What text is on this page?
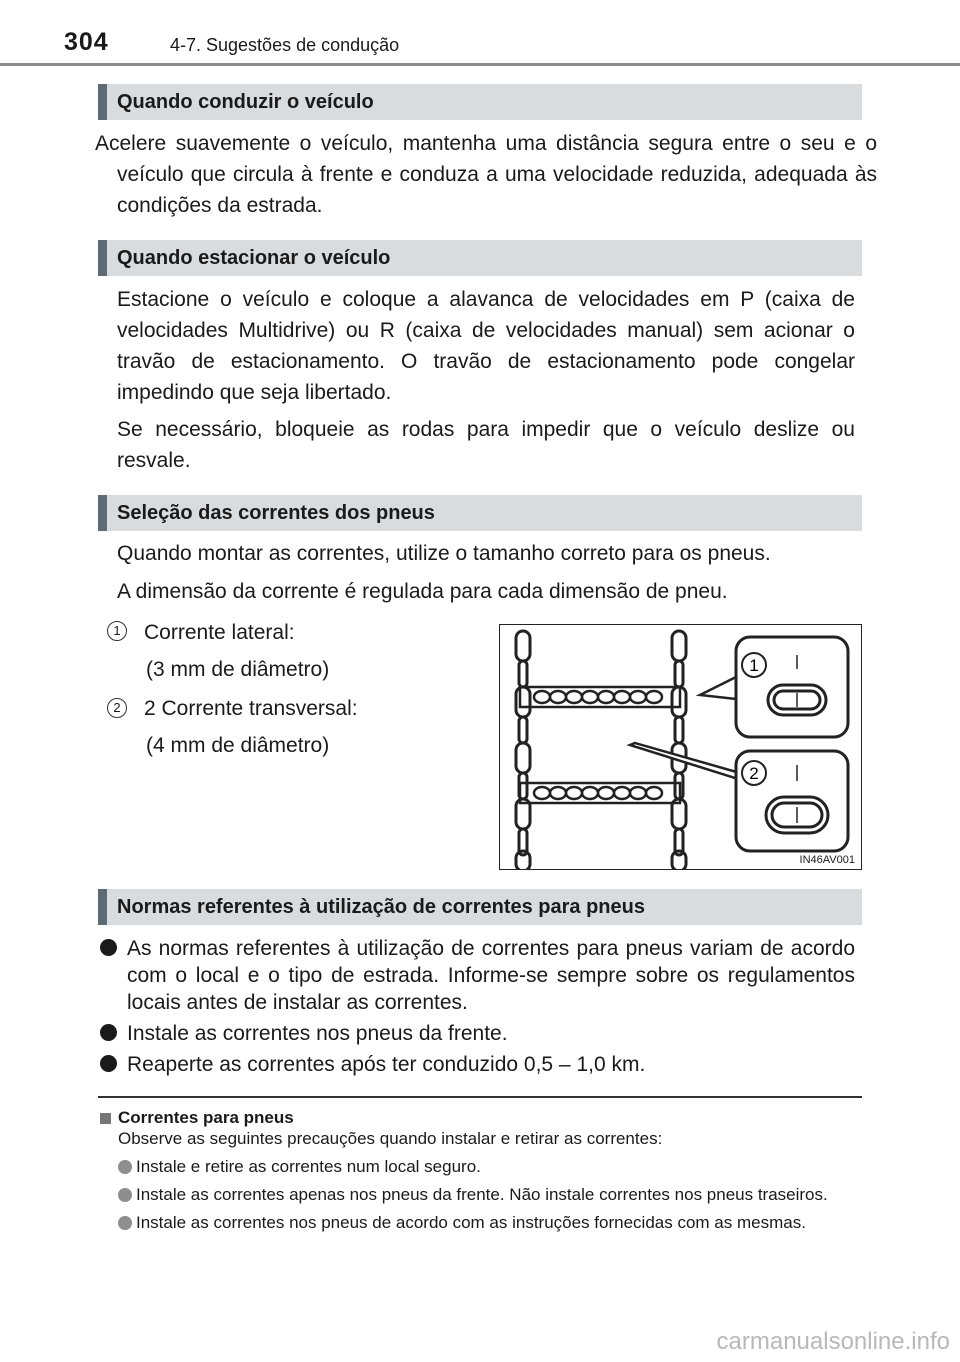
304	4-7. Sugestões de condução
Quando conduzir o veículo

Acelere suavemente o veículo, mantenha uma distância segura entre o seu e o veículo que circula à frente e conduza a uma velocidade reduzida, adequada às condições da estrada.

Quando estacionar o veículo

Estacione o veículo e coloque a alavanca de velocidades em P (caixa de velocidades Multidrive) ou R (caixa de velocidades manual) sem acionar o travão de estacionamento. O travão de estacionamento pode congelar impedindo que seja libertado.

Se necessário, bloqueie as rodas para impedir que o veículo deslize ou resvale.

Seleção das correntes dos pneus

Quando montar as correntes, utilize o tamanho correto para os pneus.

A dimensão da corrente é regulada para cada dimensão de pneu.

1	Corrente lateral:
(3 mm de diâmetro)
2	2 Corrente transversal:
(4 mm de diâmetro)
1
2
IN46AV001
Normas referentes à utilização de correntes para pneus
As normas referentes à utilização de correntes para pneus variam de acordo com o local e o tipo de estrada. Informe-se sempre sobre os regulamentos locais antes de instalar as correntes.
Instale as correntes nos pneus da frente.
Reaperte as correntes após ter conduzido 0,5 – 1,0 km.
Correntes para pneus
Observe as seguintes precauções quando instalar e retirar as correntes:
Instale e retire as correntes num local seguro.
Instale as correntes apenas nos pneus da frente. Não instale correntes nos pneus traseiros.
Instale as correntes nos pneus de acordo com as instruções fornecidas com as mesmas.
carmanualsonline.info
